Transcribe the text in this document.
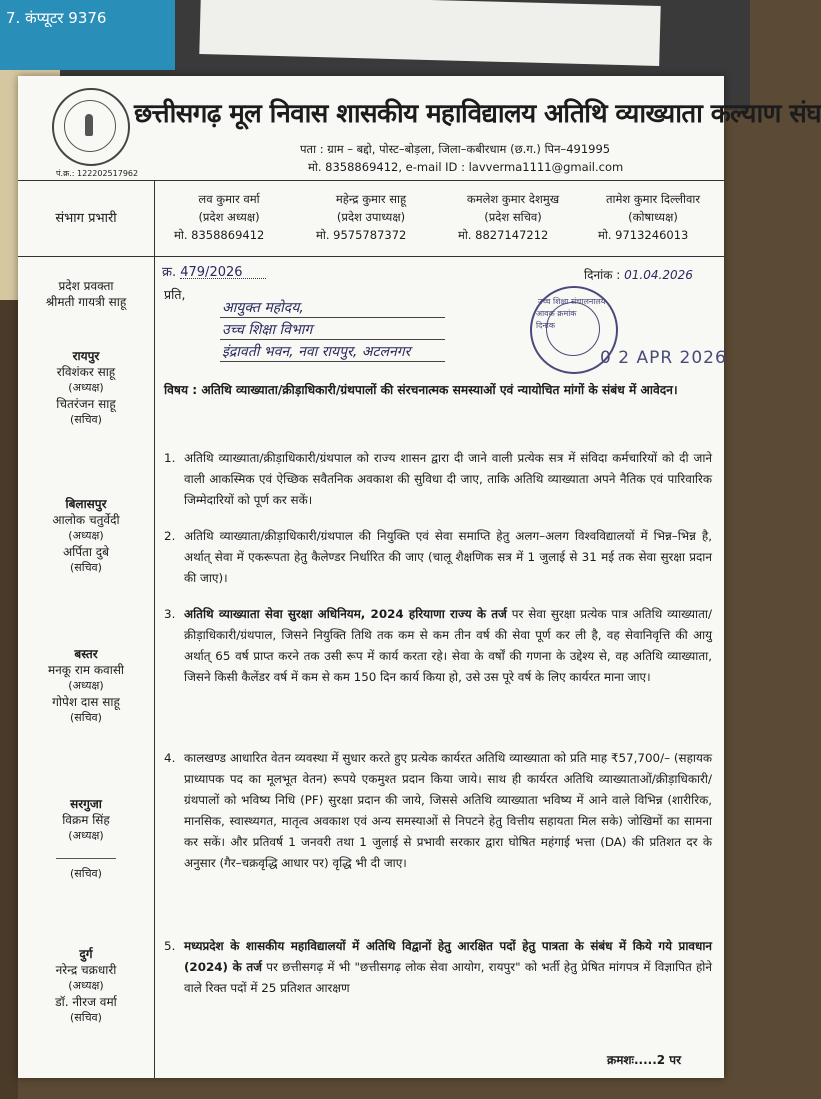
7. कंप्यूटर 9376
पं.क्र.: 122202517962
छत्तीसगढ़ मूल निवास शासकीय महाविद्यालय अतिथि व्याख्याता कल्याण संघ
पता : ग्राम – बद्दो, पोस्ट–बोड़ला, जिला–कबीरधाम (छ.ग.) पिन–491995
मो. 8358869412, e-mail ID : lavverma1111@gmail.com
लव कुमार वर्मा
(प्रदेश अध्यक्ष)
मो. 8358869412
महेन्द्र कुमार साहू
(प्रदेश उपाध्यक्ष)
मो. 9575787372
कमलेश कुमार देशमुख
(प्रदेश सचिव)
मो. 8827147212
तामेश कुमार दिल्लीवार
(कोषाध्यक्ष)
मो. 9713246013
संभाग प्रभारी
प्रदेश प्रवक्ता
श्रीमती गायत्री साहू
रायपुर
रविशंकर साहू
(अध्यक्ष)
चितरंजन साहू
(सचिव)
बिलासपुर
आलोक चतुर्वेदी
(अध्यक्ष)
अर्पिता दुबे
(सचिव)
बस्तर
मनकू राम कवासी
(अध्यक्ष)
गोपेश दास साहू
(सचिव)
सरगुजा
विक्रम सिंह
(अध्यक्ष)
(सचिव)
दुर्ग
नरेन्द्र चक्रधारी
(अध्यक्ष)
डॉ. नीरज वर्मा
(सचिव)
क्र. 479/2026	दिनांक : 01.04.2026
प्रति,
आयुक्त महोदय,
उच्च शिक्षा विभाग
इंद्रावती भवन, नवा रायपुर, अटलनगर
उच्च शिक्षा संचालनालय
आवक क्रमांक
दिनांक
0 2 APR 2026
विषय : अतिथि व्याख्याता/क्रीड़ाधिकारी/ग्रंथपालों की संरचनात्मक समस्याओं एवं न्यायोचित मांगों के संबंध में आवेदन।
1. अतिथि व्याख्याता/क्रीड़ाधिकारी/ग्रंथपाल को राज्य शासन द्वारा दी जाने वाली प्रत्येक सत्र में संविदा कर्मचारियों को दी जाने वाली आकस्मिक एवं ऐच्छिक सवैतनिक अवकाश की सुविधा दी जाए, ताकि अतिथि व्याख्याता अपने नैतिक एवं पारिवारिक जिम्मेदारियों को पूर्ण कर सकें।
2. अतिथि व्याख्याता/क्रीड़ाधिकारी/ग्रंथपाल की नियुक्ति एवं सेवा समाप्ति हेतु अलग–अलग विश्वविद्यालयों में भिन्न–भिन्न है, अर्थात् सेवा में एकरूपता हेतु कैलेण्डर निर्धारित की जाए (चालू शैक्षणिक सत्र में 1 जुलाई से 31 मई तक सेवा सुरक्षा प्रदान की जाए)।
3. अतिथि व्याख्याता सेवा सुरक्षा अधिनियम, 2024 हरियाणा राज्य के तर्ज पर सेवा सुरक्षा प्रत्येक पात्र अतिथि व्याख्याता/क्रीड़ाधिकारी/ग्रंथपाल, जिसने नियुक्ति तिथि तक कम से कम तीन वर्ष की सेवा पूर्ण कर ली है, वह सेवानिवृत्ति की आयु अर्थात् 65 वर्ष प्राप्त करने तक उसी रूप में कार्य करता रहे। सेवा के वर्षों की गणना के उद्देश्य से, वह अतिथि व्याख्याता, जिसने किसी कैलेंडर वर्ष में कम से कम 150 दिन कार्य किया हो, उसे उस पूरे वर्ष के लिए कार्यरत माना जाए।
4. कालखण्ड आधारित वेतन व्यवस्था में सुधार करते हुए प्रत्येक कार्यरत अतिथि व्याख्याता को प्रति माह ₹57,700/– (सहायक प्राध्यापक पद का मूलभूत वेतन) रूपये एकमुश्त प्रदान किया जाये। साथ ही कार्यरत अतिथि व्याख्याताओं/क्रीड़ाधिकारी/ग्रंथपालों को भविष्य निधि (PF) सुरक्षा प्रदान की जाये, जिससे अतिथि व्याख्याता भविष्य में आने वाले विभिन्न (शारीरिक, मानसिक, स्वास्थ्यगत, मातृत्व अवकाश एवं अन्य समस्याओं से निपटने हेतु वित्तीय सहायता मिल सके) जोखिमों का सामना कर सकें। और प्रतिवर्ष 1 जनवरी तथा 1 जुलाई से प्रभावी सरकार द्वारा घोषित महंगाई भत्ता (DA) की प्रतिशत दर के अनुसार (गैर–चक्रवृद्धि आधार पर) वृद्धि भी दी जाए।
5. मध्यप्रदेश के शासकीय महाविद्यालयों में अतिथि विद्वानों हेतु आरक्षित पदों हेतु पात्रता के संबंध में किये गये प्रावधान (2024) के तर्ज पर छत्तीसगढ़ में भी "छत्तीसगढ़ लोक सेवा आयोग, रायपुर" को भर्ती हेतु प्रेषित मांगपत्र में विज्ञापित होने वाले रिक्त पदों में 25 प्रतिशत आरक्षण
क्रमशः.....2 पर
